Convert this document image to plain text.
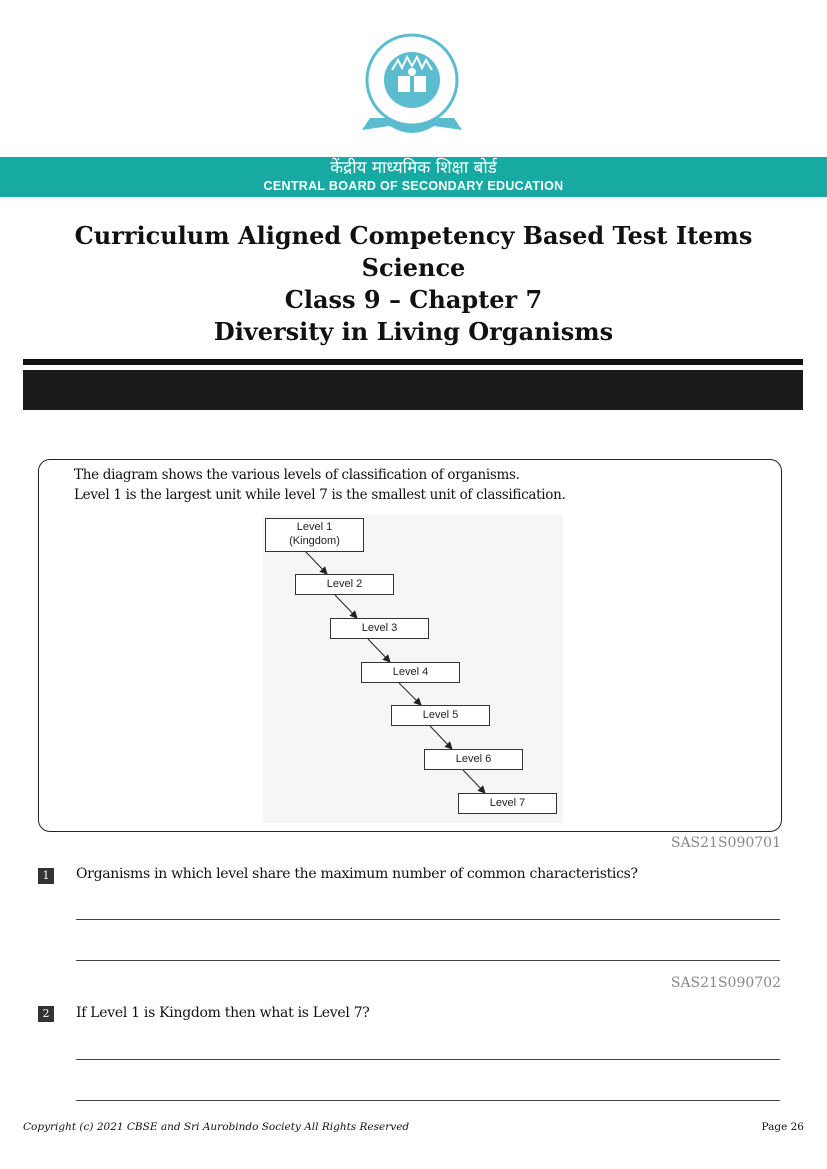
केंद्रीय माध्यमिक शिक्षा बोर्ड
CENTRAL BOARD OF SECONDARY EDUCATION
Curriculum Aligned Competency Based Test Items
Science
Class 9 – Chapter 7
Diversity in Living Organisms
The diagram shows the various levels of classification of organisms.
Level 1 is the largest unit while level 7 is the smallest unit of classification.
Level 1
(Kingdom)
Level 2
Level 3
Level 4
Level 5
Level 6
Level 7
SAS21S090701
1	Organisms in which level share the maximum number of common characteristics?
SAS21S090702
2	If Level 1 is Kingdom then what is Level 7?
Copyright (c) 2021 CBSE and Sri Aurobindo Society All Rights Reserved	Page 26
